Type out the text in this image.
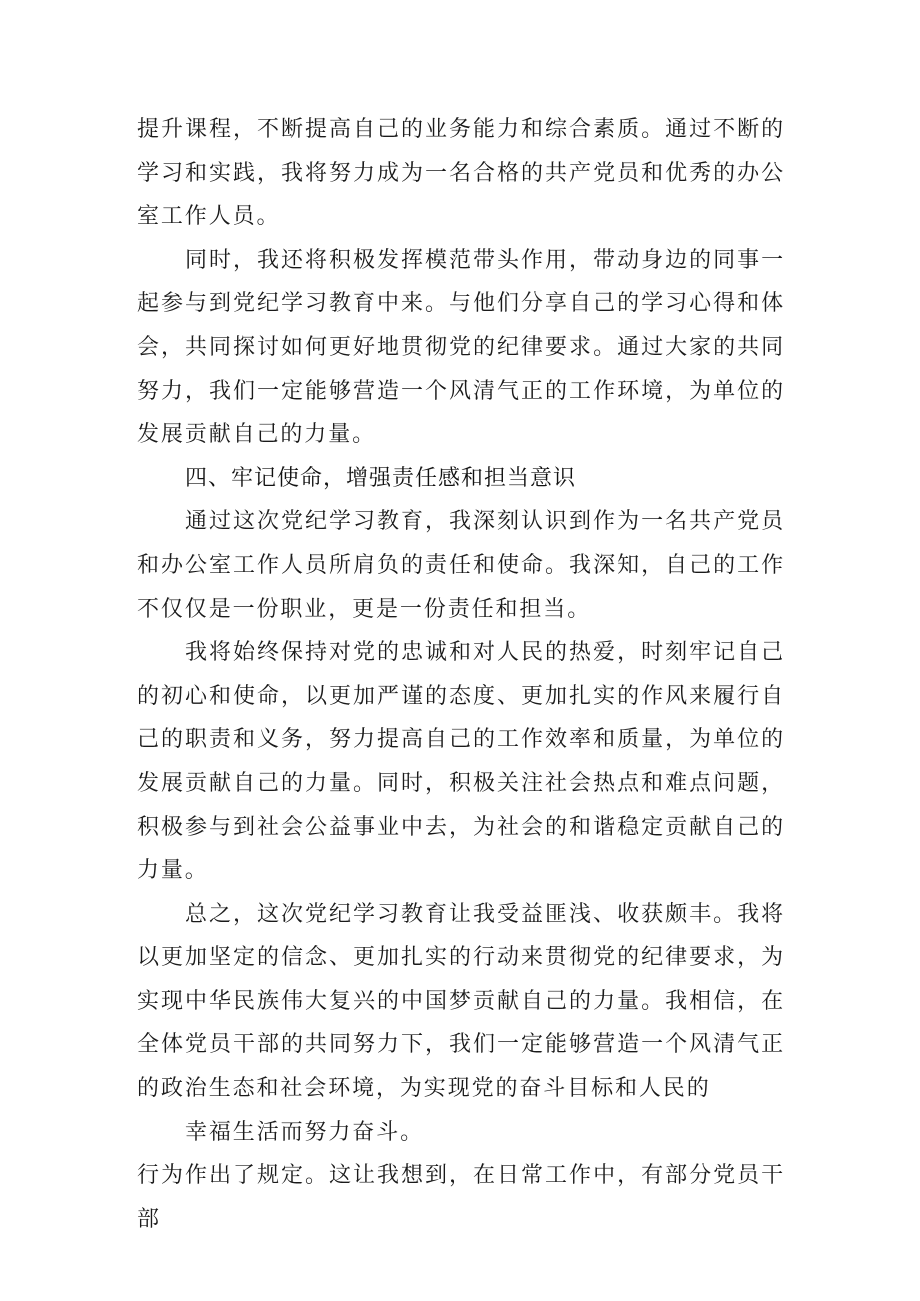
提升课程，不断提高自己的业务能力和综合素质。通过不断的学习和实践，我将努力成为一名合格的共产党员和优秀的办公室工作人员。

同时，我还将积极发挥模范带头作用，带动身边的同事一起参与到党纪学习教育中来。与他们分享自己的学习心得和体会，共同探讨如何更好地贯彻党的纪律要求。通过大家的共同努力，我们一定能够营造一个风清气正的工作环境，为单位的发展贡献自己的力量。

四、牢记使命，增强责任感和担当意识

通过这次党纪学习教育，我深刻认识到作为一名共产党员和办公室工作人员所肩负的责任和使命。我深知，自己的工作不仅仅是一份职业，更是一份责任和担当。

我将始终保持对党的忠诚和对人民的热爱，时刻牢记自己的初心和使命，以更加严谨的态度、更加扎实的作风来履行自己的职责和义务，努力提高自己的工作效率和质量，为单位的发展贡献自己的力量。同时，积极关注社会热点和难点问题，积极参与到社会公益事业中去，为社会的和谐稳定贡献自己的力量。

总之，这次党纪学习教育让我受益匪浅、收获颇丰。我将以更加坚定的信念、更加扎实的行动来贯彻党的纪律要求，为实现中华民族伟大复兴的中国梦贡献自己的力量。我相信，在全体党员干部的共同努力下，我们一定能够营造一个风清气正的政治生态和社会环境，为实现党的奋斗目标和人民的

幸福生活而努力奋斗。

行为作出了规定。这让我想到，在日常工作中，有部分党员干部
